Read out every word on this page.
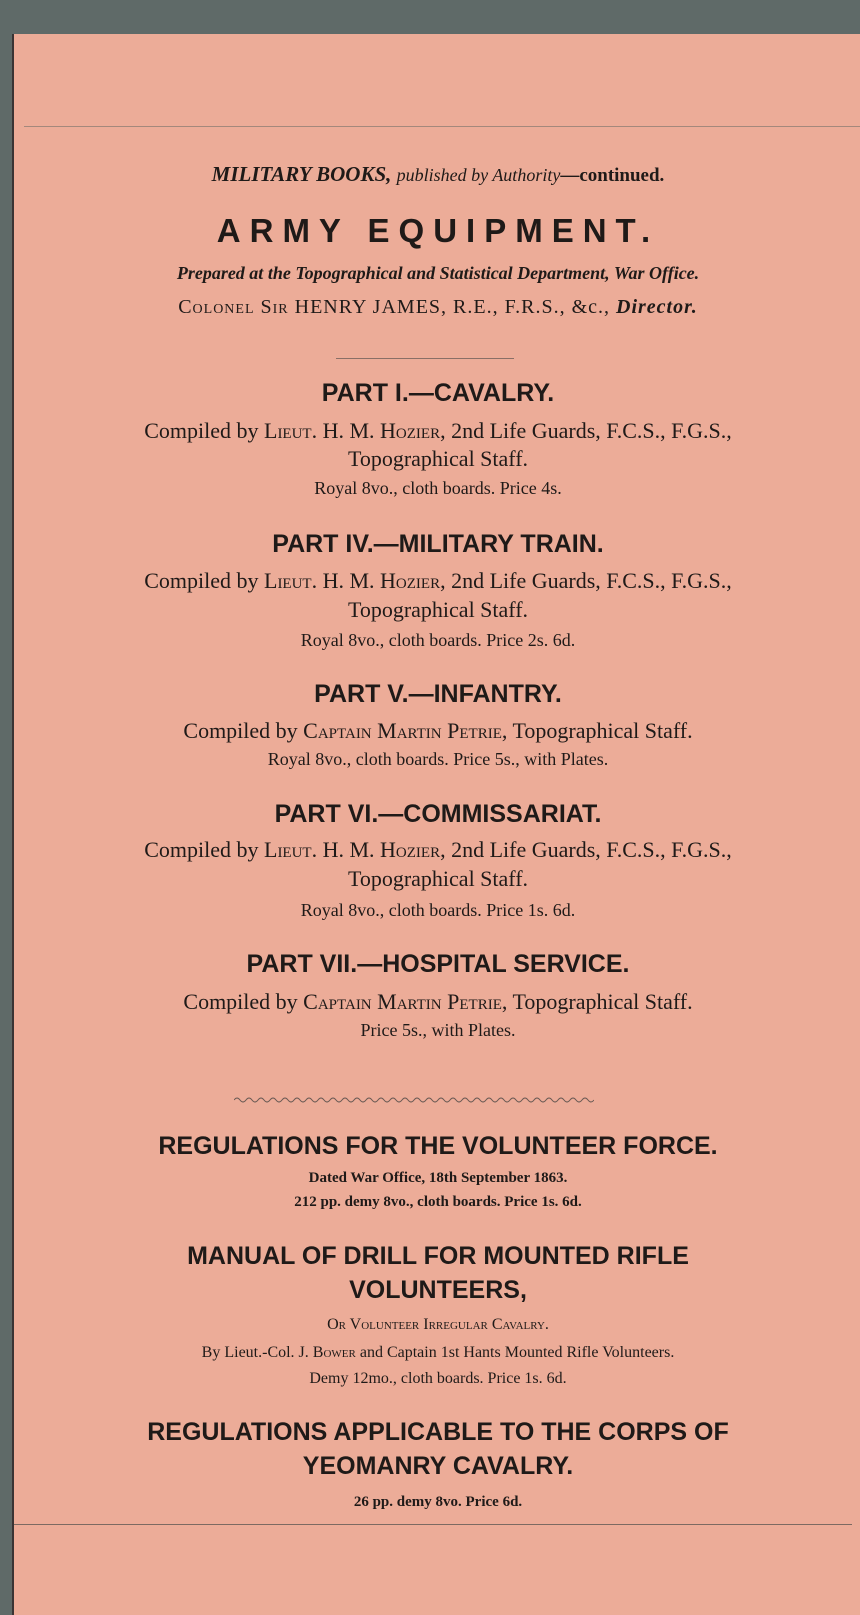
MILITARY BOOKS, published by Authority—continued.
ARMY EQUIPMENT.
Prepared at the Topographical and Statistical Department, War Office.
Colonel Sir HENRY JAMES, R.E., F.R.S., &c., Director.
PART I.—CAVALRY.
Compiled by Lieut. H. M. Hozier, 2nd Life Guards, F.C.S., F.G.S.,
Topographical Staff.
Royal 8vo., cloth boards. Price 4s.
PART IV.—MILITARY TRAIN.
Compiled by Lieut. H. M. Hozier, 2nd Life Guards, F.C.S., F.G.S.,
Topographical Staff.
Royal 8vo., cloth boards. Price 2s. 6d.
PART V.—INFANTRY.
Compiled by Captain Martin Petrie, Topographical Staff.
Royal 8vo., cloth boards. Price 5s., with Plates.
PART VI.—COMMISSARIAT.
Compiled by Lieut. H. M. Hozier, 2nd Life Guards, F.C.S., F.G.S.,
Topographical Staff.
Royal 8vo., cloth boards. Price 1s. 6d.
PART VII.—HOSPITAL SERVICE.
Compiled by Captain Martin Petrie, Topographical Staff.
Price 5s., with Plates.
REGULATIONS FOR THE VOLUNTEER FORCE.
Dated War Office, 18th September 1863.
212 pp. demy 8vo., cloth boards. Price 1s. 6d.
MANUAL OF DRILL FOR MOUNTED RIFLE
VOLUNTEERS,
Or Volunteer Irregular Cavalry.
By Lieut.-Col. J. Bower and Captain 1st Hants Mounted Rifle Volunteers.
Demy 12mo., cloth boards. Price 1s. 6d.
REGULATIONS APPLICABLE TO THE CORPS OF
YEOMANRY CAVALRY.
26 pp. demy 8vo. Price 6d.
